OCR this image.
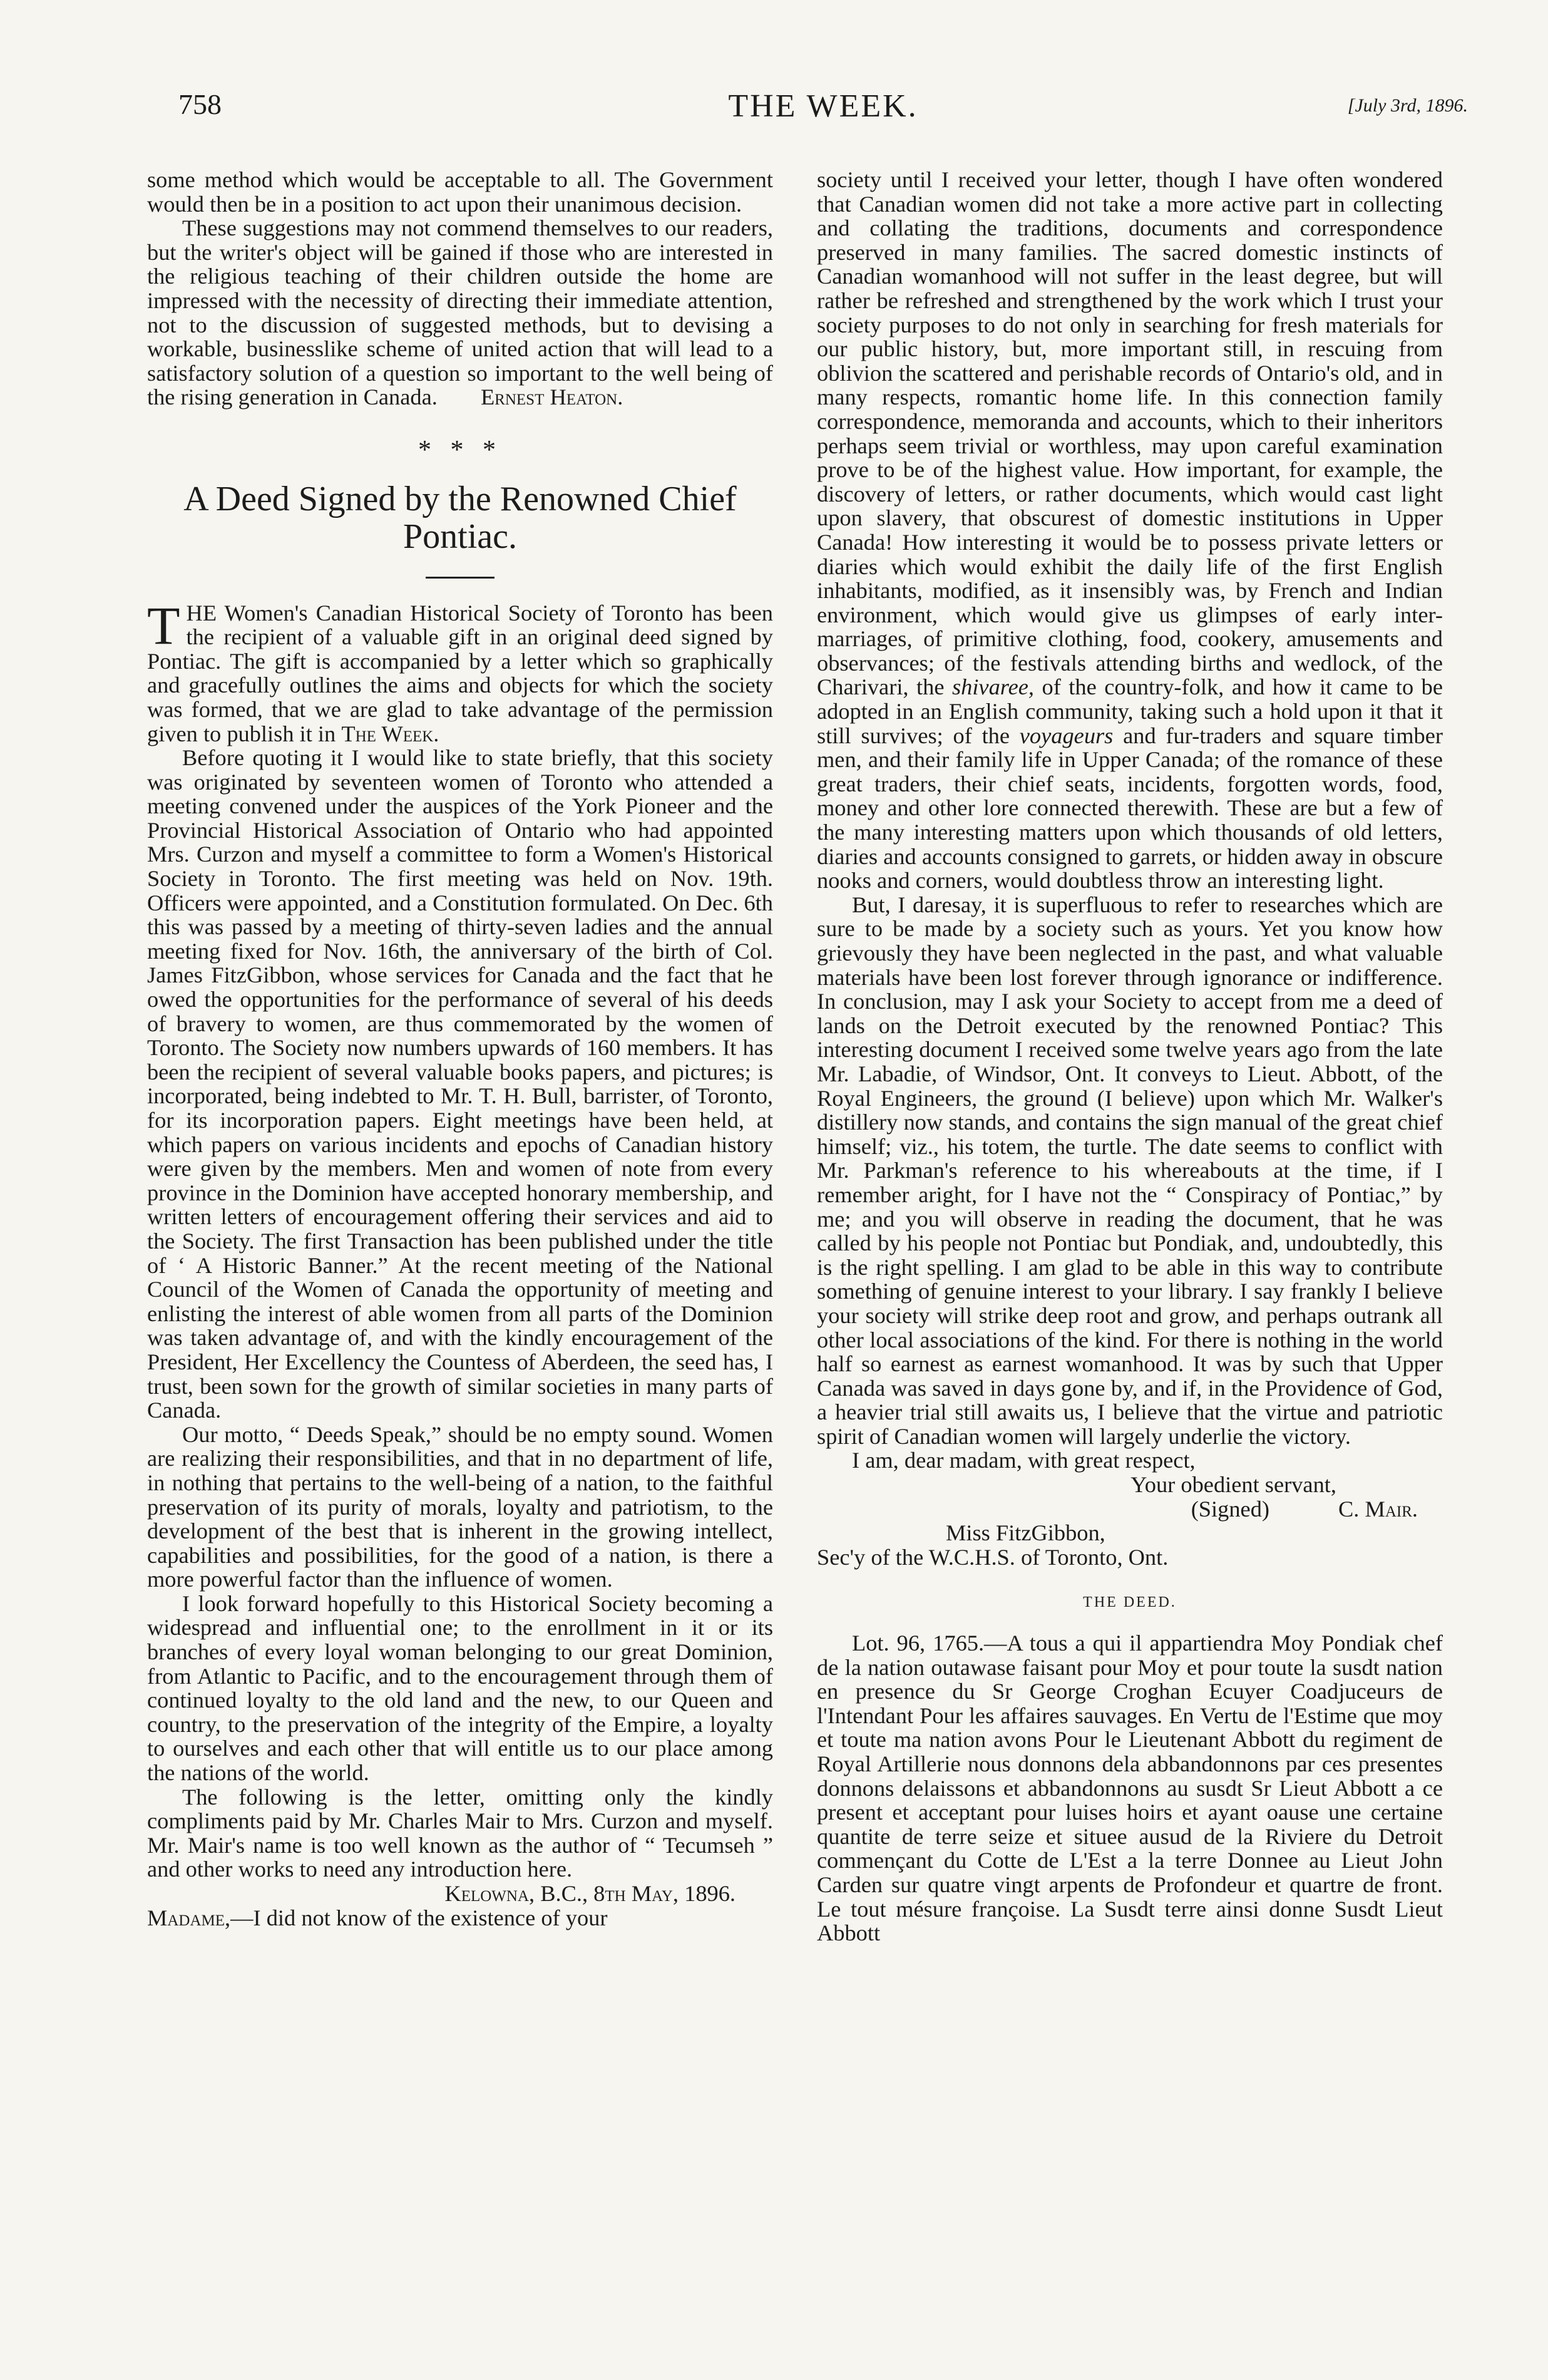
758	THE WEEK.	[July 3rd, 1896.

some method which would be acceptable to all. The Government would then be in a position to act upon their unanimous decision.

These suggestions may not commend themselves to our readers, but the writer's object will be gained if those who are interested in the religious teaching of their children outside the home are impressed with the necessity of directing their immediate attention, not to the discussion of suggested methods, but to devising a workable, businesslike scheme of united action that will lead to a satisfactory solution of a question so important to the well being of the rising generation in Canada. Ernest Heaton.

* * *
A Deed Signed by the Renowned Chief Pontiac.

THE Women's Canadian Historical Society of Toronto has been the recipient of a valuable gift in an original deed signed by Pontiac. The gift is accompanied by a letter which so graphically and gracefully outlines the aims and objects for which the society was formed, that we are glad to take advantage of the permission given to publish it in The Week.

Before quoting it I would like to state briefly, that this society was originated by seventeen women of Toronto who attended a meeting convened under the auspices of the York Pioneer and the Provincial Historical Association of Ontario who had appointed Mrs. Curzon and myself a committee to form a Women's Historical Society in Toronto. The first meeting was held on Nov. 19th. Officers were appointed, and a Constitution formulated. On Dec. 6th this was passed by a meeting of thirty-seven ladies and the annual meeting fixed for Nov. 16th, the anniversary of the birth of Col. James FitzGibbon, whose services for Canada and the fact that he owed the opportunities for the performance of several of his deeds of bravery to women, are thus commemorated by the women of Toronto. The Society now numbers upwards of 160 members. It has been the recipient of several valuable books papers, and pictures; is incorporated, being indebted to Mr. T. H. Bull, barrister, of Toronto, for its incorporation papers. Eight meetings have been held, at which papers on various incidents and epochs of Canadian history were given by the members. Men and women of note from every province in the Dominion have accepted honorary membership, and written letters of encouragement offering their services and aid to the Society. The first Transaction has been published under the title of ‘ A Historic Banner.” At the recent meeting of the National Council of the Women of Canada the opportunity of meeting and enlisting the interest of able women from all parts of the Dominion was taken advantage of, and with the kindly encouragement of the President, Her Excellency the Countess of Aberdeen, the seed has, I trust, been sown for the growth of similar societies in many parts of Canada.

Our motto, “ Deeds Speak,” should be no empty sound. Women are realizing their responsibilities, and that in no department of life, in nothing that pertains to the well-being of a nation, to the faithful preservation of its purity of morals, loyalty and patriotism, to the development of the best that is inherent in the growing intellect, capabilities and possibilities, for the good of a nation, is there a more powerful factor than the influence of women.

I look forward hopefully to this Historical Society becoming a widespread and influential one; to the enrollment in it or its branches of every loyal woman belonging to our great Dominion, from Atlantic to Pacific, and to the encouragement through them of continued loyalty to the old land and the new, to our Queen and country, to the preservation of the integrity of the Empire, a loyalty to ourselves and each other that will entitle us to our place among the nations of the world.

The following is the letter, omitting only the kindly compliments paid by Mr. Charles Mair to Mrs. Curzon and myself. Mr. Mair's name is too well known as the author of “ Tecumseh ” and other works to need any introduction here.

Kelowna, B.C., 8th May, 1896.

Madame,—I did not know of the existence of your

society until I received your letter, though I have often wondered that Canadian women did not take a more active part in collecting and collating the traditions, documents and correspondence preserved in many families. The sacred domestic instincts of Canadian womanhood will not suffer in the least degree, but will rather be refreshed and strengthened by the work which I trust your society purposes to do not only in searching for fresh materials for our public history, but, more important still, in rescuing from oblivion the scattered and perishable records of Ontario's old, and in many respects, romantic home life. In this connection family correspondence, memoranda and accounts, which to their inheritors perhaps seem trivial or worthless, may upon careful examination prove to be of the highest value. How important, for example, the discovery of letters, or rather documents, which would cast light upon slavery, that obscurest of domestic institutions in Upper Canada! How interesting it would be to possess private letters or diaries which would exhibit the daily life of the first English inhabitants, modified, as it insensibly was, by French and Indian environment, which would give us glimpses of early inter-marriages, of primitive clothing, food, cookery, amusements and observances; of the festivals attending births and wedlock, of the Charivari, the shivaree, of the country-folk, and how it came to be adopted in an English community, taking such a hold upon it that it still survives; of the voyageurs and fur-traders and square timber men, and their family life in Upper Canada; of the romance of these great traders, their chief seats, incidents, forgotten words, food, money and other lore connected therewith. These are but a few of the many interesting matters upon which thousands of old letters, diaries and accounts consigned to garrets, or hidden away in obscure nooks and corners, would doubtless throw an interesting light.

But, I daresay, it is superfluous to refer to researches which are sure to be made by a society such as yours. Yet you know how grievously they have been neglected in the past, and what valuable materials have been lost forever through ignorance or indifference. In conclusion, may I ask your Society to accept from me a deed of lands on the Detroit executed by the renowned Pontiac? This interesting document I received some twelve years ago from the late Mr. Labadie, of Windsor, Ont. It conveys to Lieut. Abbott, of the Royal Engineers, the ground (I believe) upon which Mr. Walker's distillery now stands, and contains the sign manual of the great chief himself; viz., his totem, the turtle. The date seems to conflict with Mr. Parkman's reference to his whereabouts at the time, if I remember aright, for I have not the “ Conspiracy of Pontiac,” by me; and you will observe in reading the document, that he was called by his people not Pontiac but Pondiak, and, undoubtedly, this is the right spelling. I am glad to be able in this way to contribute something of genuine interest to your library. I say frankly I believe your society will strike deep root and grow, and perhaps outrank all other local associations of the kind. For there is nothing in the world half so earnest as earnest womanhood. It was by such that Upper Canada was saved in days gone by, and if, in the Providence of God, a heavier trial still awaits us, I believe that the virtue and patriotic spirit of Canadian women will largely underlie the victory.

I am, dear madam, with great respect,

Your obedient servant,

(Signed)	C. Mair.

Miss FitzGibbon,

Sec'y of the W.C.H.S. of Toronto, Ont.

THE DEED.

Lot. 96, 1765.—A tous a qui il appartiendra Moy Pondiak chef de la nation outawase faisant pour Moy et pour toute la susdt nation en presence du Sr George Croghan Ecuyer Coadjuceurs de l'Intendant Pour les affaires sauvages. En Vertu de l'Estime que moy et toute ma nation avons Pour le Lieutenant Abbott du regiment de Royal Artillerie nous donnons dela abbandonnons par ces presentes donnons delaissons et abbandonnons au susdt Sr Lieut Abbott a ce present et acceptant pour luises hoirs et ayant oause une certaine quantite de terre seize et situee ausud de la Riviere du Detroit commençant du Cotte de L'Est a la terre Donnee au Lieut John Carden sur quatre vingt arpents de Profondeur et quartre de front. Le tout mésure françoise. La Susdt terre ainsi donne Susdt Lieut Abbott
